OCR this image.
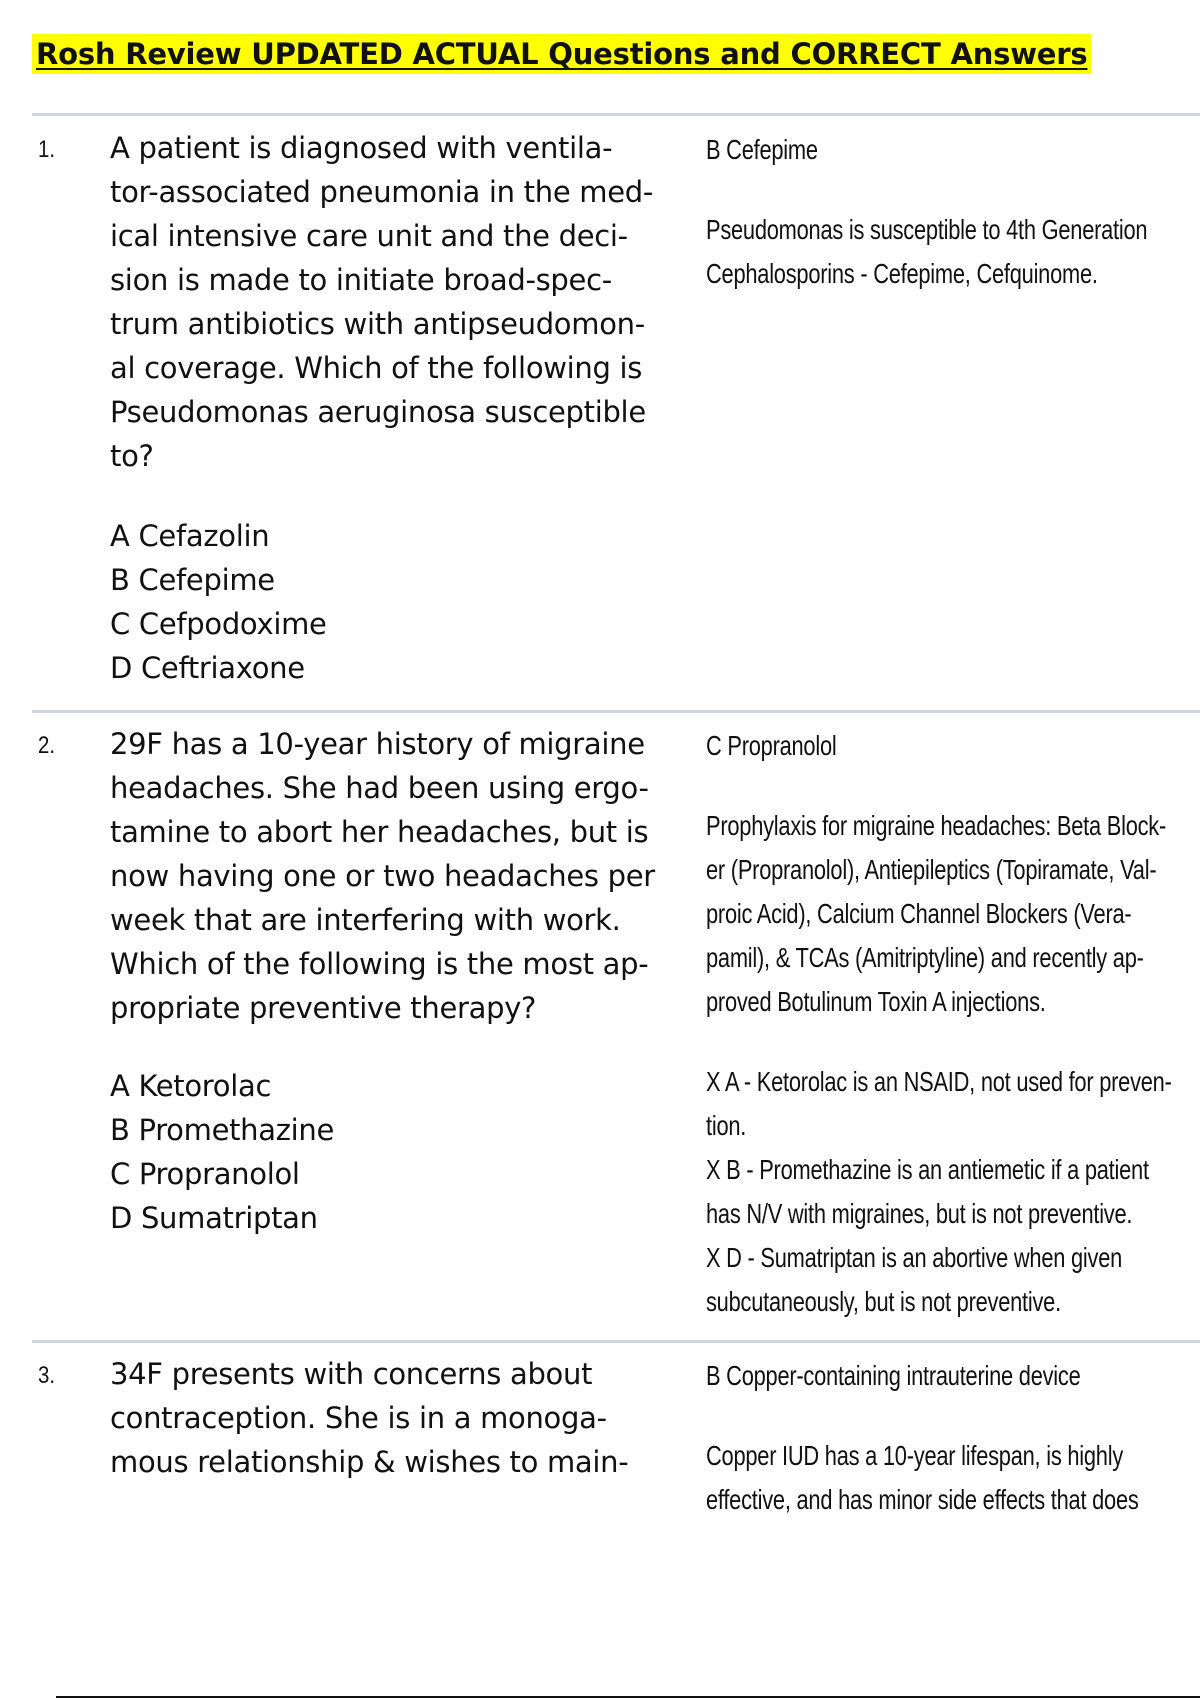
Rosh Review UPDATED ACTUAL Questions and CORRECT Answers
1. A patient is diagnosed with ventila-
tor-associated pneumonia in the med-
ical intensive care unit and the deci-
sion is made to initiate broad-spec-
trum antibiotics with antipseudomon-
al coverage. Which of the following is
Pseudomonas aeruginosa susceptible
to?
A Cefazolin
B Cefepime
C Cefpodoxime
D Ceftriaxone
B Cefepime
Pseudomonas is susceptible to 4th Generation
Cephalosporins - Cefepime, Cefquinome.
2. 29F has a 10-year history of migraine
headaches. She had been using ergo-
tamine to abort her headaches, but is
now having one or two headaches per
week that are interfering with work.
Which of the following is the most ap-
propriate preventive therapy?
A Ketorolac
B Promethazine
C Propranolol
D Sumatriptan
C Propranolol
Prophylaxis for migraine headaches: Beta Block-
er (Propranolol), Antiepileptics (Topiramate, Val-
proic Acid), Calcium Channel Blockers (Vera-
pamil), & TCAs (Amitriptyline) and recently ap-
proved Botulinum Toxin A injections.
X A - Ketorolac is an NSAID, not used for preven-
tion.
X B - Promethazine is an antiemetic if a patient
has N/V with migraines, but is not preventive.
X D - Sumatriptan is an abortive when given
subcutaneously, but is not preventive.
3. 34F presents with concerns about
contraception. She is in a monoga-
mous relationship & wishes to main-
B Copper-containing intrauterine device
Copper IUD has a 10-year lifespan, is highly
effective, and has minor side effects that does
